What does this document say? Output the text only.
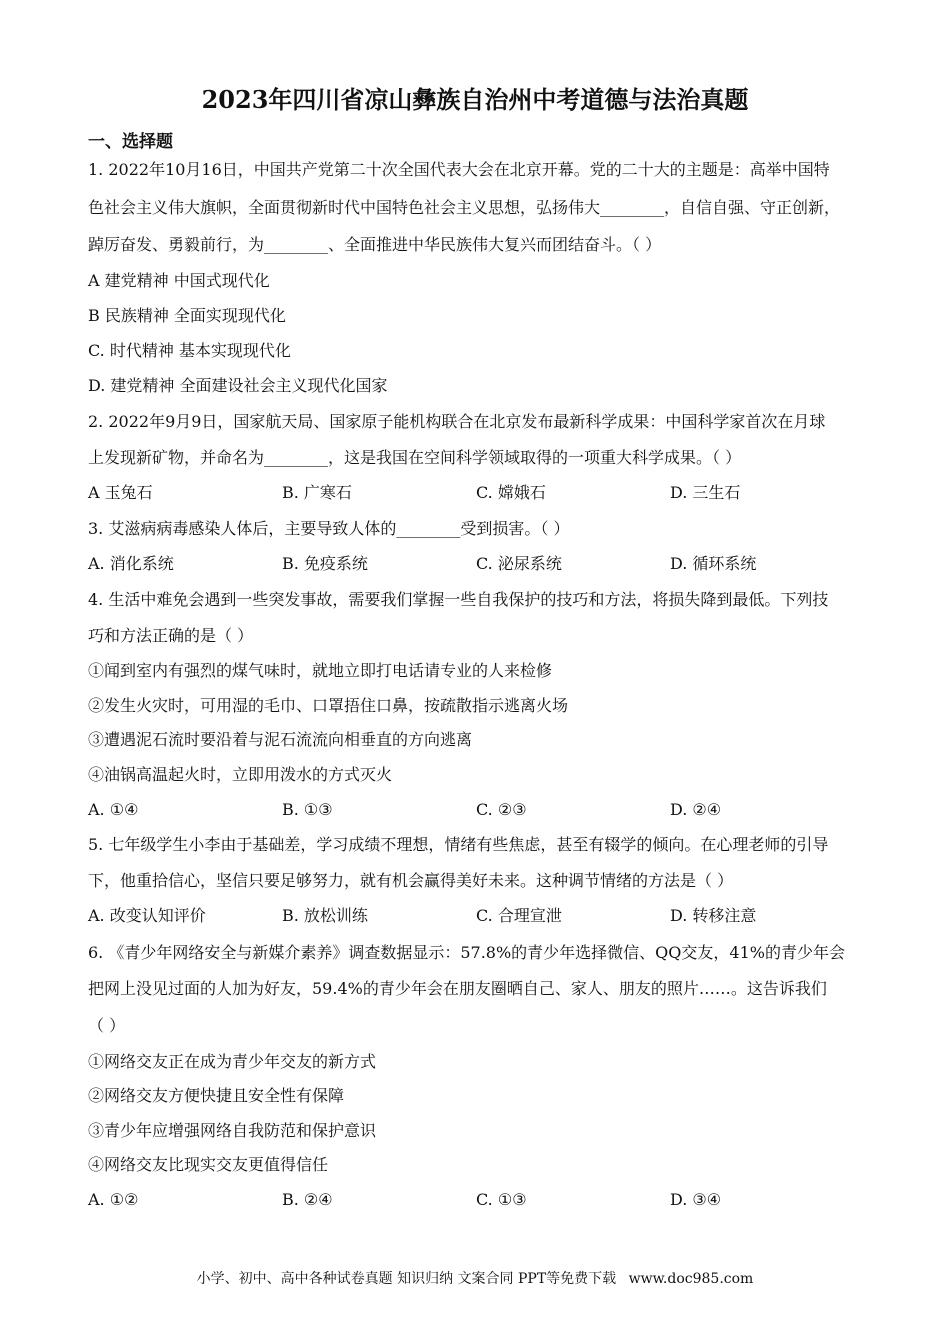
2023年四川省凉山彝族自治州中考道德与法治真题
一、选择题
1. 2022年10月16日，中国共产党第二十次全国代表大会在北京开幕。党的二十大的主题是：高举中国特
色社会主义伟大旗帜，全面贯彻新时代中国特色社会主义思想，弘扬伟大________，自信自强、守正创新，
踔厉奋发、勇毅前行，为________、全面推进中华民族伟大复兴而团结奋斗。（ ）
A 建党精神 中国式现代化
B 民族精神 全面实现现代化
C. 时代精神 基本实现现代化
D. 建党精神 全面建设社会主义现代化国家
2. 2022年9月9日，国家航天局、国家原子能机构联合在北京发布最新科学成果：中国科学家首次在月球
上发现新矿物，并命名为________，这是我国在空间科学领域取得的一项重大科学成果。（ ）
A 玉兔石	B. 广寒石	C. 嫦娥石	D. 三生石
3. 艾滋病病毒感染人体后，主要导致人体的________受到损害。（ ）
A. 消化系统	B. 免疫系统	C. 泌尿系统	D. 循环系统
4. 生活中难免会遇到一些突发事故，需要我们掌握一些自我保护的技巧和方法，将损失降到最低。下列技
巧和方法正确的是（ ）
①闻到室内有强烈的煤气味时，就地立即打电话请专业的人来检修
②发生火灾时，可用湿的毛巾、口罩捂住口鼻，按疏散指示逃离火场
③遭遇泥石流时要沿着与泥石流流向相垂直的方向逃离
④油锅高温起火时，立即用泼水的方式灭火
A. ①④	B. ①③	C. ②③	D. ②④
5. 七年级学生小李由于基础差，学习成绩不理想，情绪有些焦虑，甚至有辍学的倾向。在心理老师的引导
下，他重拾信心，坚信只要足够努力，就有机会赢得美好未来。这种调节情绪的方法是（ ）
A. 改变认知评价	B. 放松训练	C. 合理宣泄	D. 转移注意
6. 《青少年网络安全与新媒介素养》调查数据显示：57.8%的青少年选择微信、QQ交友，41%的青少年会
把网上没见过面的人加为好友，59.4%的青少年会在朋友圈晒自己、家人、朋友的照片……。这告诉我们
（ ）
①网络交友正在成为青少年交友的新方式
②网络交友方便快捷且安全性有保障
③青少年应增强网络自我防范和保护意识
④网络交友比现实交友更值得信任
A. ①②	B. ②④	C. ①③	D. ③④
小学、初中、高中各种试卷真题 知识归纳 文案合同 PPT等免费下载 www.doc985.com
